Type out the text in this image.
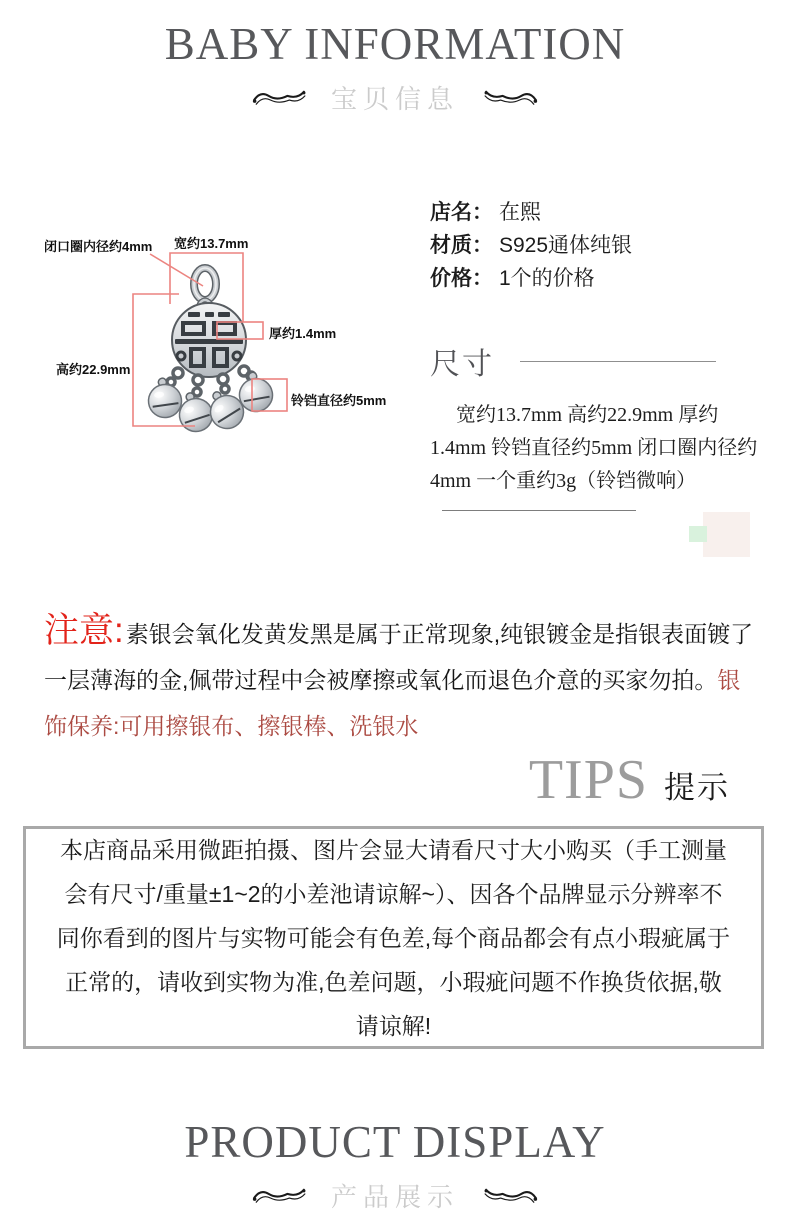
BABY INFORMATION
宝贝信息
闭口圈内径约4mm 宽约13.7mm
厚约1.4mm
高约22.9mm
铃铛直径约5mm
店名： 在熙
材质： S925通体纯银
价格： 1个的价格
尺寸

宽约13.7mm 高约22.9mm 厚约1.4mm 铃铛直径约5mm 闭口圈内径约4mm 一个重约3g（铃铛微响）

注意:素银会氧化发黄发黑是属于正常现象,纯银镀金是指银表面镀了一层薄海的金,佩带过程中会被摩擦或氧化而退色介意的买家勿拍。银饰保养:可用擦银布、擦银棒、洗银水

TIPS 提示

本店商品采用微距拍摄、图片会显大请看尺寸大小购买（手工测量会有尺寸/重量±1~2的小差池请谅解~）、因各个品牌显示分辨率不同你看到的图片与实物可能会有色差,每个商品都会有点小瑕疵属于正常的，请收到实物为准,色差问题，小瑕疵问题不作换货依据,敬请谅解!

PRODUCT DISPLAY
产品展示
